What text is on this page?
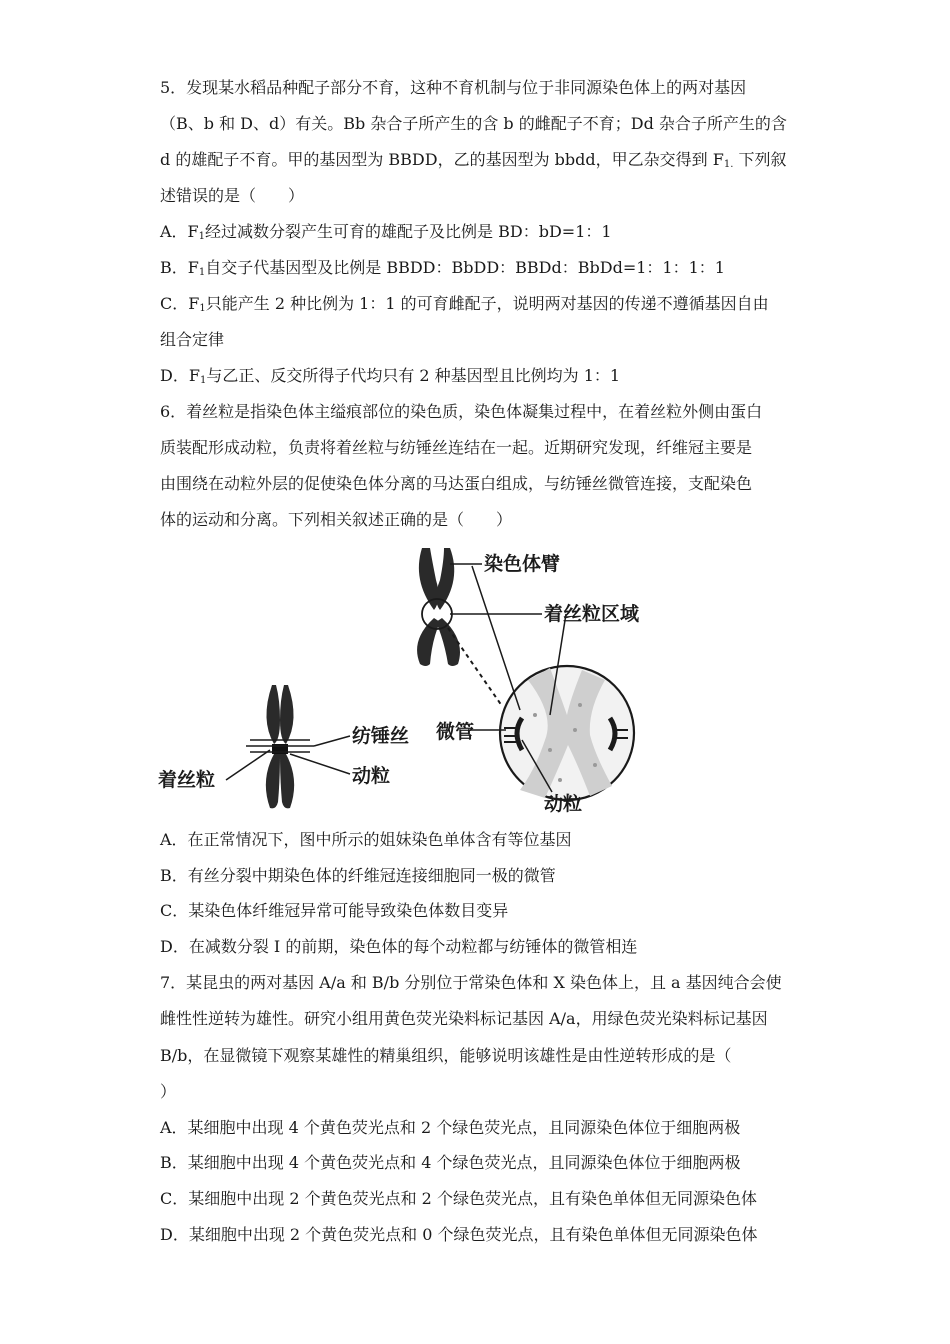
5．发现某水稻品种配子部分不育，这种不育机制与位于非同源染色体上的两对基因
（B、b 和 D、d）有关。Bb 杂合子所产生的含 b 的雌配子不育；Dd 杂合子所产生的含
d 的雄配子不育。甲的基因型为 BBDD，乙的基因型为 bbdd，甲乙杂交得到 $F_{1.}$ 下列叙
述错误的是（　　）
A．$F_1$经过减数分裂产生可育的雄配子及比例是 BD：bD=1：1
B．$F_1$自交子代基因型及比例是 BBDD：BbDD：BBDd：BbDd=1：1：1：1
C．$F_1$只能产生 2 种比例为 1：1 的可育雌配子，说明两对基因的传递不遵循基因自由
组合定律
D．$F_1$与乙正、反交所得子代均只有 2 种基因型且比例均为 1：1
6．着丝粒是指染色体主缢痕部位的染色质，染色体凝集过程中，在着丝粒外侧由蛋白
质装配形成动粒，负责将着丝粒与纺锤丝连结在一起。近期研究发现，纤维冠主要是
由围绕在动粒外层的促使染色体分离的马达蛋白组成，与纺锤丝微管连接，支配染色
体的运动和分离。下列相关叙述正确的是（　　）
染色体臂
着丝粒区域
纺锤丝 微管
着丝粒	动粒
动粒
A．在正常情况下，图中所示的姐妹染色单体含有等位基因
B．有丝分裂中期染色体的纤维冠连接细胞同一极的微管
C．某染色体纤维冠异常可能导致染色体数目变异
D．在减数分裂 I 的前期，染色体的每个动粒都与纺锤体的微管相连
7．某昆虫的两对基因 A/a 和 B/b 分别位于常染色体和 X 染色体上，且 a 基因纯合会使
雌性性逆转为雄性。研究小组用黄色荧光染料标记基因 A/a，用绿色荧光染料标记基因
B/b，在显微镜下观察某雄性的精巢组织，能够说明该雄性是由性逆转形成的是（
）
A．某细胞中出现 4 个黄色荧光点和 2 个绿色荧光点，且同源染色体位于细胞两极
B．某细胞中出现 4 个黄色荧光点和 4 个绿色荧光点，且同源染色体位于细胞两极
C．某细胞中出现 2 个黄色荧光点和 2 个绿色荧光点，且有染色单体但无同源染色体
D．某细胞中出现 2 个黄色荧光点和 0 个绿色荧光点，且有染色单体但无同源染色体
